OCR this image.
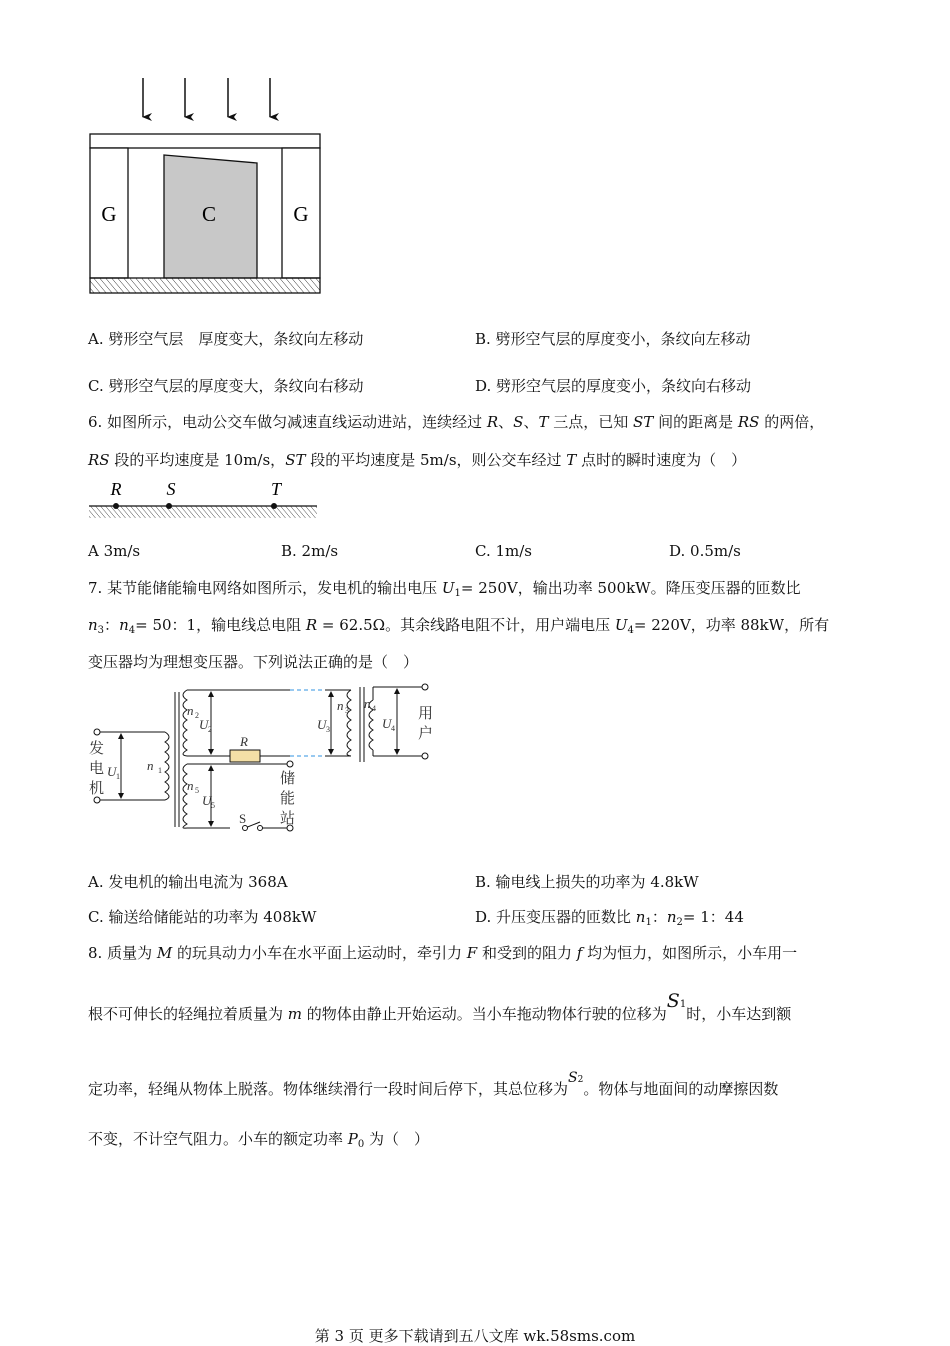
G	C	G
A. 劈形空气层　厚度变大，条纹向左移动	B. 劈形空气层的厚度变小，条纹向左移动
C. 劈形空气层的厚度变大，条纹向右移动	D. 劈形空气层的厚度变小，条纹向右移动
6. 如图所示，电动公交车做匀减速直线运动进站，连续经过 R、S、T 三点，已知 ST 间的距离是 RS 的两倍，
RS 段的平均速度是 10m/s，ST 段的平均速度是 5m/s，则公交车经过 T 点时的瞬时速度为（　）
R	S	T
A 3m/s	B. 2m/s	C. 1m/s	D. 0.5m/s
7. 某节能储能输电网络如图所示，发电机的输出电压 $U_1= 250V$，输出功率 500kW。降压变压器的匝数比
$n_3$：$n_4= 50$：1，输电线总电阻 R = 62.5Ω。其余线路电阻不计，用户端电压 $U_4= 220V$，功率 88kW，所有
变压器均为理想变压器。下列说法正确的是（　）
发
电
机
用
户
储
能
站
R
n 1
n 2
n 3 n 4
n 5
U 1
U 2	U 3	U 4
U 5
S
A. 发电机的输出电流为 368A	B. 输电线上损失的功率为 4.8kW
C. 输送给储能站的功率为 408kW	D. 升压变压器的匝数比 $n_1$：$n_2= 1$：44
8. 质量为 M 的玩具动力小车在水平面上运动时，牵引力 F 和受到的阻力 f 均为恒力，如图所示，小车用一
根不可伸长的轻绳拉着质量为 m 的物体由静止开始运动。当小车拖动物体行驶的位移为S1时，小车达到额
定功率，轻绳从物体上脱落。物体继续滑行一段时间后停下，其总位移为S2。物体与地面间的动摩擦因数
不变，不计空气阻力。小车的额定功率 $P_0$ 为（　）
第 3 页 更多下载请到五八文库 wk.58sms.com
